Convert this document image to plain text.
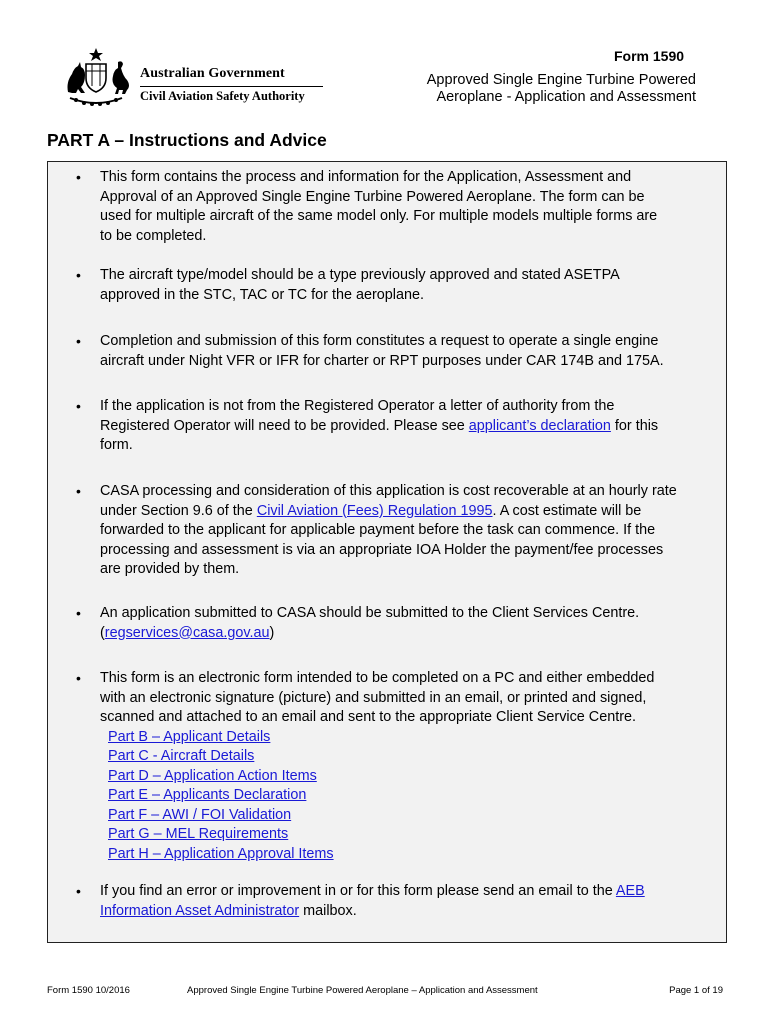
Australian Government
Civil Aviation Safety Authority
Form 1590
Approved Single Engine Turbine Powered
Aeroplane - Application and Assessment
PART A – Instructions and Advice
• This form contains the process and information for the Application, Assessment and

Approval of an Approved Single Engine Turbine Powered Aeroplane. The form can be

used for multiple aircraft of the same model only. For multiple models multiple forms are

to be completed.

• The aircraft type/model should be a type previously approved and stated ASETPA

approved in the STC, TAC or TC for the aeroplane.

• Completion and submission of this form constitutes a request to operate a single engine

aircraft under Night VFR or IFR for charter or RPT purposes under CAR 174B and 175A.

• If the application is not from the Registered Operator a letter of authority from the

Registered Operator will need to be provided. Please see applicant’s declaration for this

form.

• CASA processing and consideration of this application is cost recoverable at an hourly rate

under Section 9.6 of the Civil Aviation (Fees) Regulation 1995. A cost estimate will be

forwarded to the applicant for applicable payment before the task can commence. If the

processing and assessment is via an appropriate IOA Holder the payment/fee processes

are provided by them.

• An application submitted to CASA should be submitted to the Client Services Centre.

(regservices@casa.gov.au)

• This form is an electronic form intended to be completed on a PC and either embedded

with an electronic signature (picture) and submitted in an email, or printed and signed,

scanned and attached to an email and sent to the appropriate Client Service Centre.

Part B – Applicant Details
Part C - Aircraft Details
Part D – Application Action Items
Part E – Applicants Declaration
Part F – AWI / FOI Validation
Part G – MEL Requirements
Part H – Application Approval Items
• If you find an error or improvement in or for this form please send an email to the AEB

Information Asset Administrator mailbox.

Form 1590 10/2016	Approved Single Engine Turbine Powered Aeroplane – Application and Assessment	Page 1 of 19
